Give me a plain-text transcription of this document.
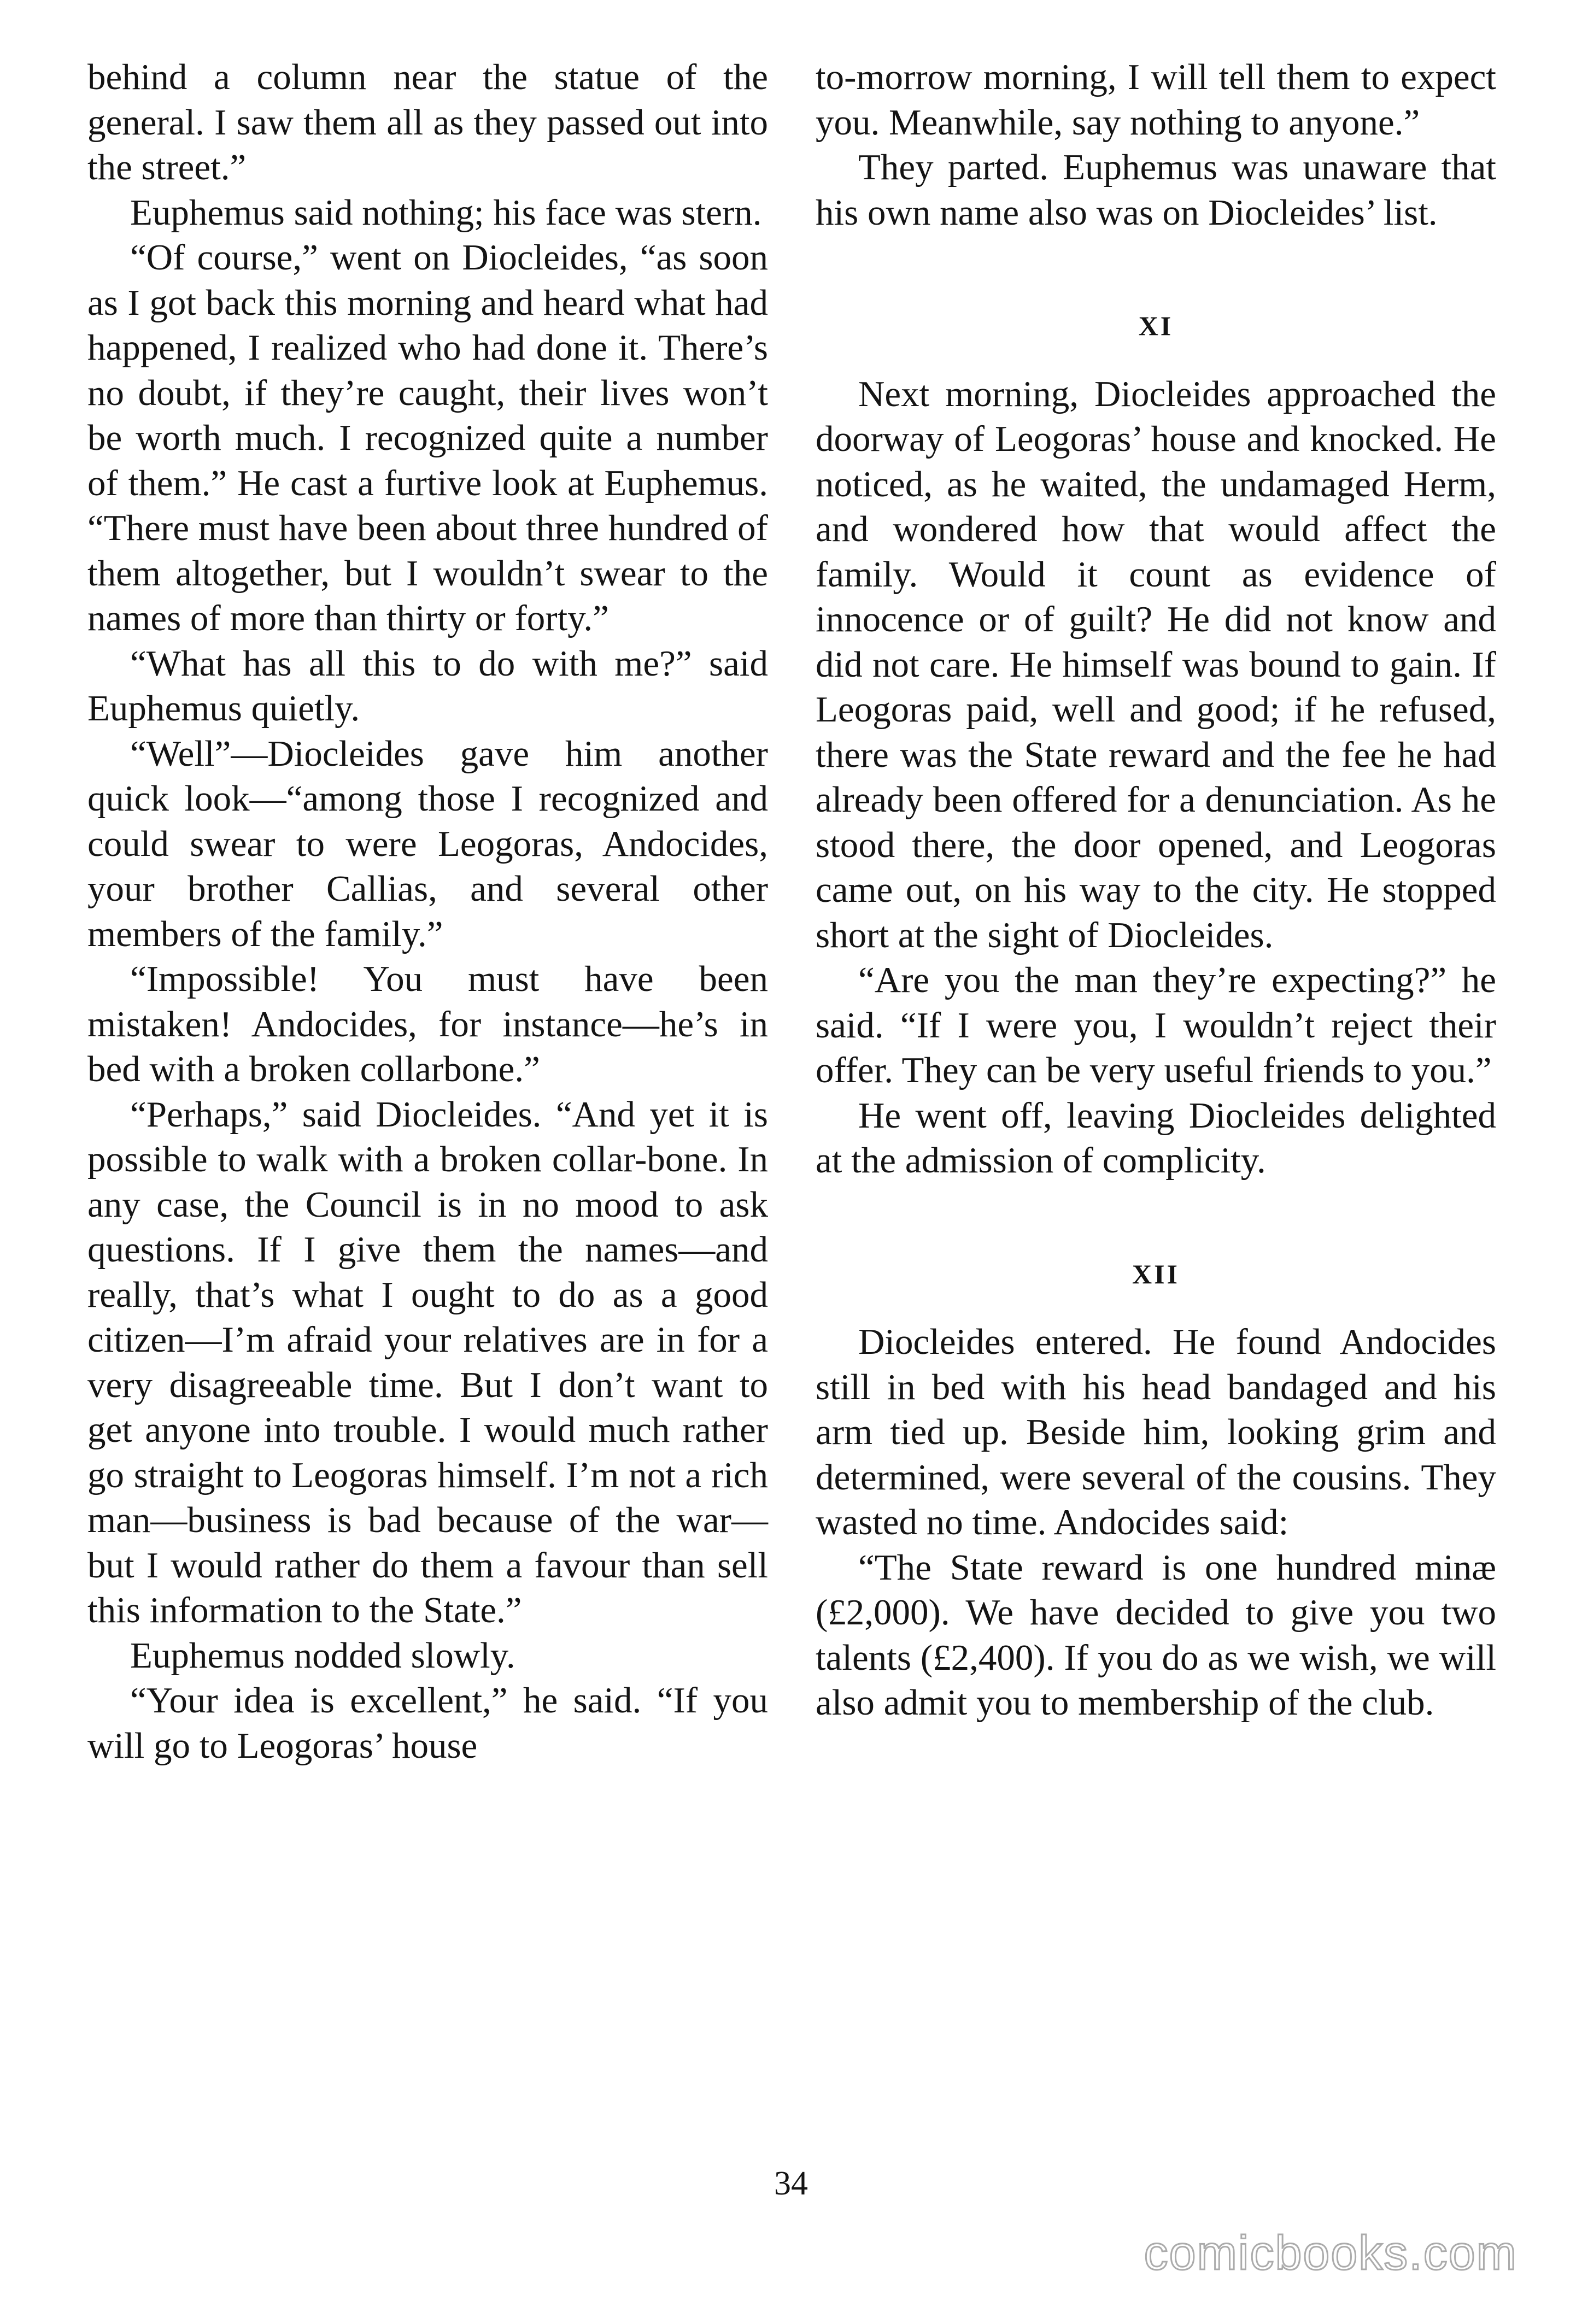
behind a column near the statue of the general. I saw them all as they passed out into the street.”

Euphemus said nothing; his face was stern.

“Of course,” went on Diocleides, “as soon as I got back this morning and heard what had happened, I realized who had done it. There’s no doubt, if they’re caught, their lives won’t be worth much. I recognized quite a number of them.” He cast a furtive look at Euphemus. “There must have been about three hundred of them altogether, but I wouldn’t swear to the names of more than thirty or forty.”

“What has all this to do with me?” said Euphemus quietly.

“Well”—Diocleides gave him another quick look—“among those I recognized and could swear to were Leogoras, Andocides, your brother Callias, and several other members of the family.”

“Impossible! You must have been mistaken! Andocides, for instance—he’s in bed with a broken collarbone.”

“Perhaps,” said Diocleides. “And yet it is possible to walk with a broken collar-bone. In any case, the Council is in no mood to ask questions. If I give them the names—and really, that’s what I ought to do as a good citizen—I’m afraid your relatives are in for a very disagreeable time. But I don’t want to get anyone into trouble. I would much rather go straight to Leogoras himself. I’m not a rich man—business is bad because of the war—but I would rather do them a favour than sell this information to the State.”

Euphemus nodded slowly.

“Your idea is excellent,” he said. “If you will go to Leogoras’ house

to-morrow morning, I will tell them to expect you. Meanwhile, say nothing to anyone.”

They parted. Euphemus was unaware that his own name also was on Diocleides’ list.

XI

Next morning, Diocleides approached the doorway of Leogoras’ house and knocked. He noticed, as he waited, the undamaged Herm, and wondered how that would affect the family. Would it count as evidence of innocence or of guilt? He did not know and did not care. He himself was bound to gain. If Leogoras paid, well and good; if he refused, there was the State reward and the fee he had already been offered for a denunciation. As he stood there, the door opened, and Leogoras came out, on his way to the city. He stopped short at the sight of Diocleides.

“Are you the man they’re expecting?” he said. “If I were you, I wouldn’t reject their offer. They can be very useful friends to you.”

He went off, leaving Diocleides delighted at the admission of complicity.

XII

Diocleides entered. He found Andocides still in bed with his head bandaged and his arm tied up. Beside him, looking grim and determined, were several of the cousins. They wasted no time. Andocides said:

“The State reward is one hundred minæ (£2,000). We have decided to give you two talents (£2,400). If you do as we wish, we will also admit you to membership of the club.

34
comicbooks.com
